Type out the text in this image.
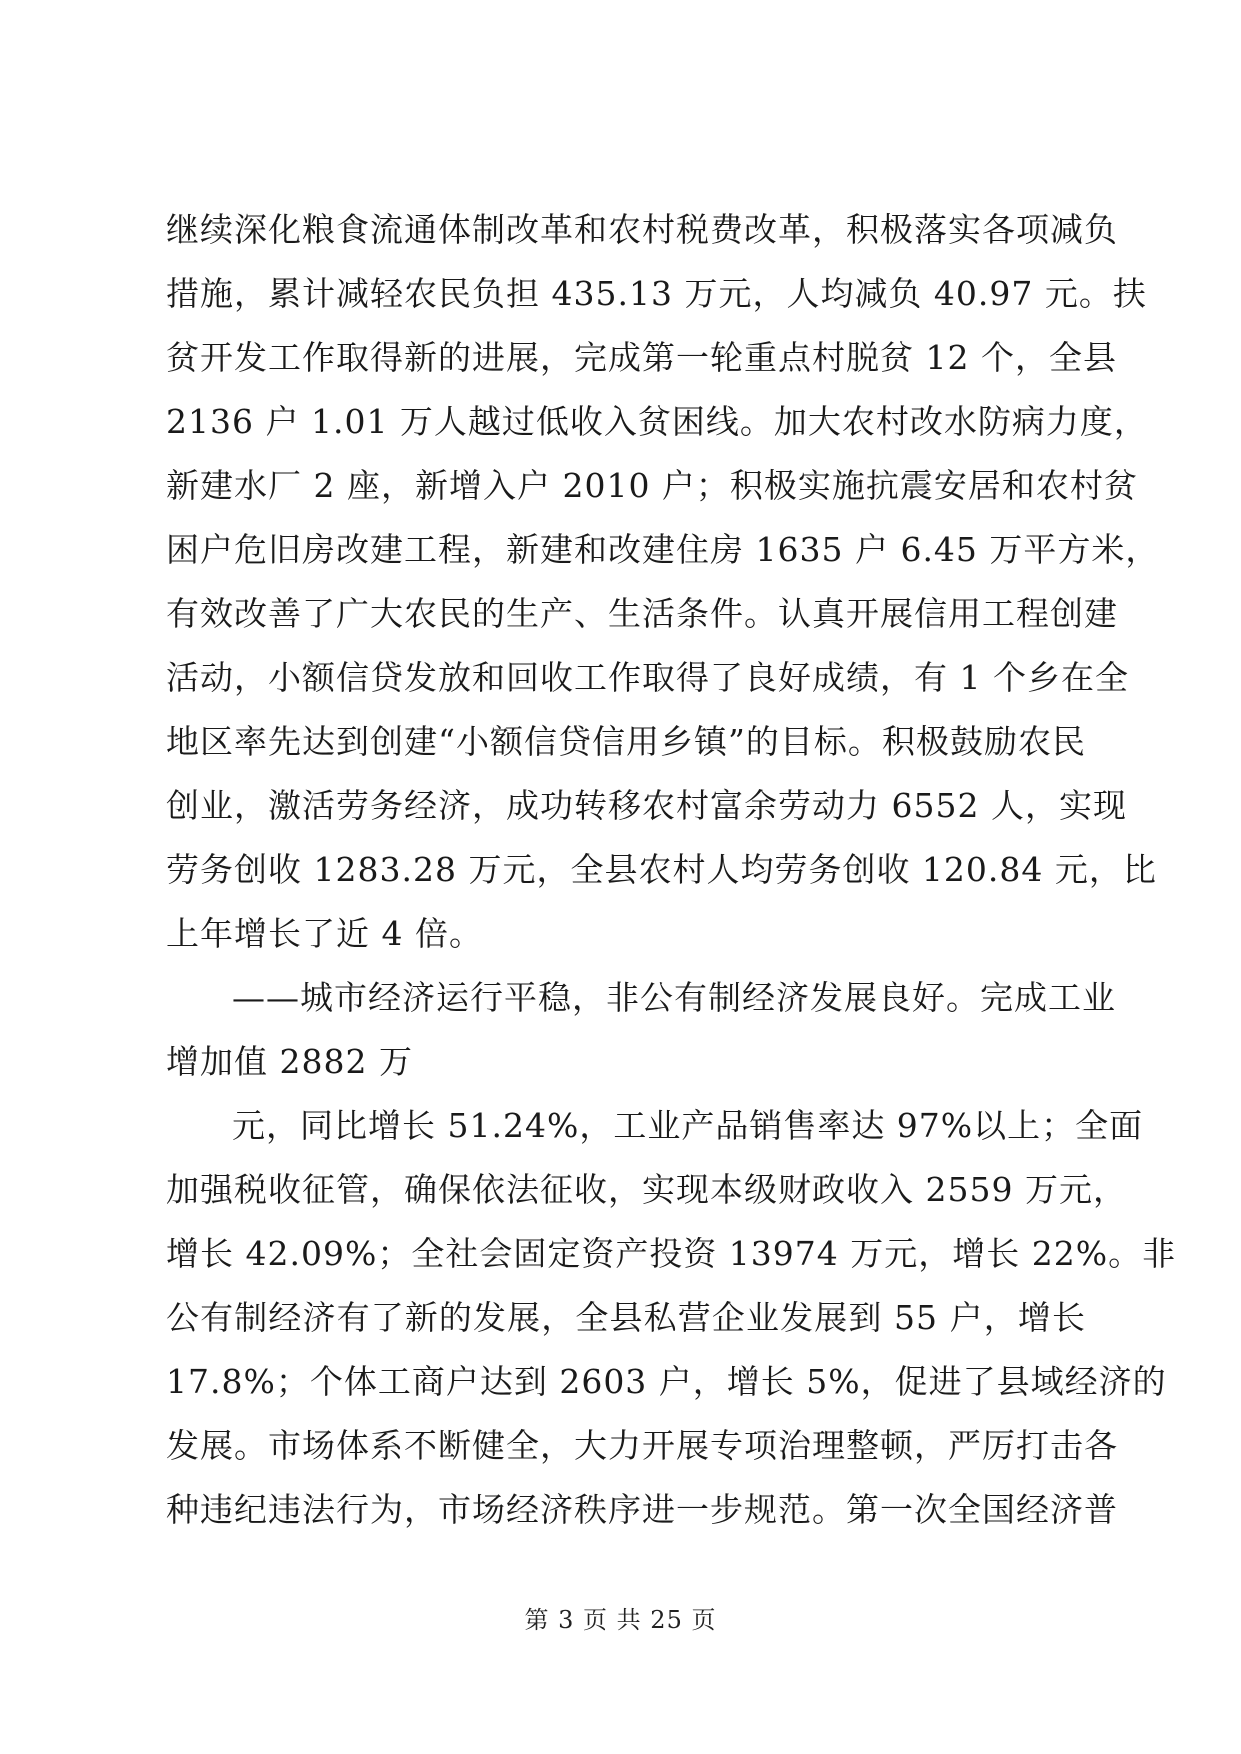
继续深化粮食流通体制改革和农村税费改革，积极落实各项减负
措施，累计减轻农民负担 435.13 万元，人均减负 40.97 元。扶
贫开发工作取得新的进展，完成第一轮重点村脱贫 12 个，全县
2136 户 1.01 万人越过低收入贫困线。加大农村改水防病力度，
新建水厂 2 座，新增入户 2010 户；积极实施抗震安居和农村贫
困户危旧房改建工程，新建和改建住房 1635 户 6.45 万平方米，
有效改善了广大农民的生产、生活条件。认真开展信用工程创建
活动，小额信贷发放和回收工作取得了良好成绩，有 1 个乡在全
地区率先达到创建“小额信贷信用乡镇”的目标。积极鼓励农民
创业，激活劳务经济，成功转移农村富余劳动力 6552 人，实现
劳务创收 1283.28 万元，全县农村人均劳务创收 120.84 元，比
上年增长了近 4 倍。
——城市经济运行平稳，非公有制经济发展良好。完成工业
增加值 2882 万
元，同比增长 51.24%，工业产品销售率达 97%以上；全面
加强税收征管，确保依法征收，实现本级财政收入 2559 万元，
增长 42.09%；全社会固定资产投资 13974 万元，增长 22%。非
公有制经济有了新的发展，全县私营企业发展到 55 户，增长
17.8%；个体工商户达到 2603 户，增长 5%，促进了县域经济的
发展。市场体系不断健全，大力开展专项治理整顿，严厉打击各
种违纪违法行为，市场经济秩序进一步规范。第一次全国经济普
第 3 页 共 25 页
